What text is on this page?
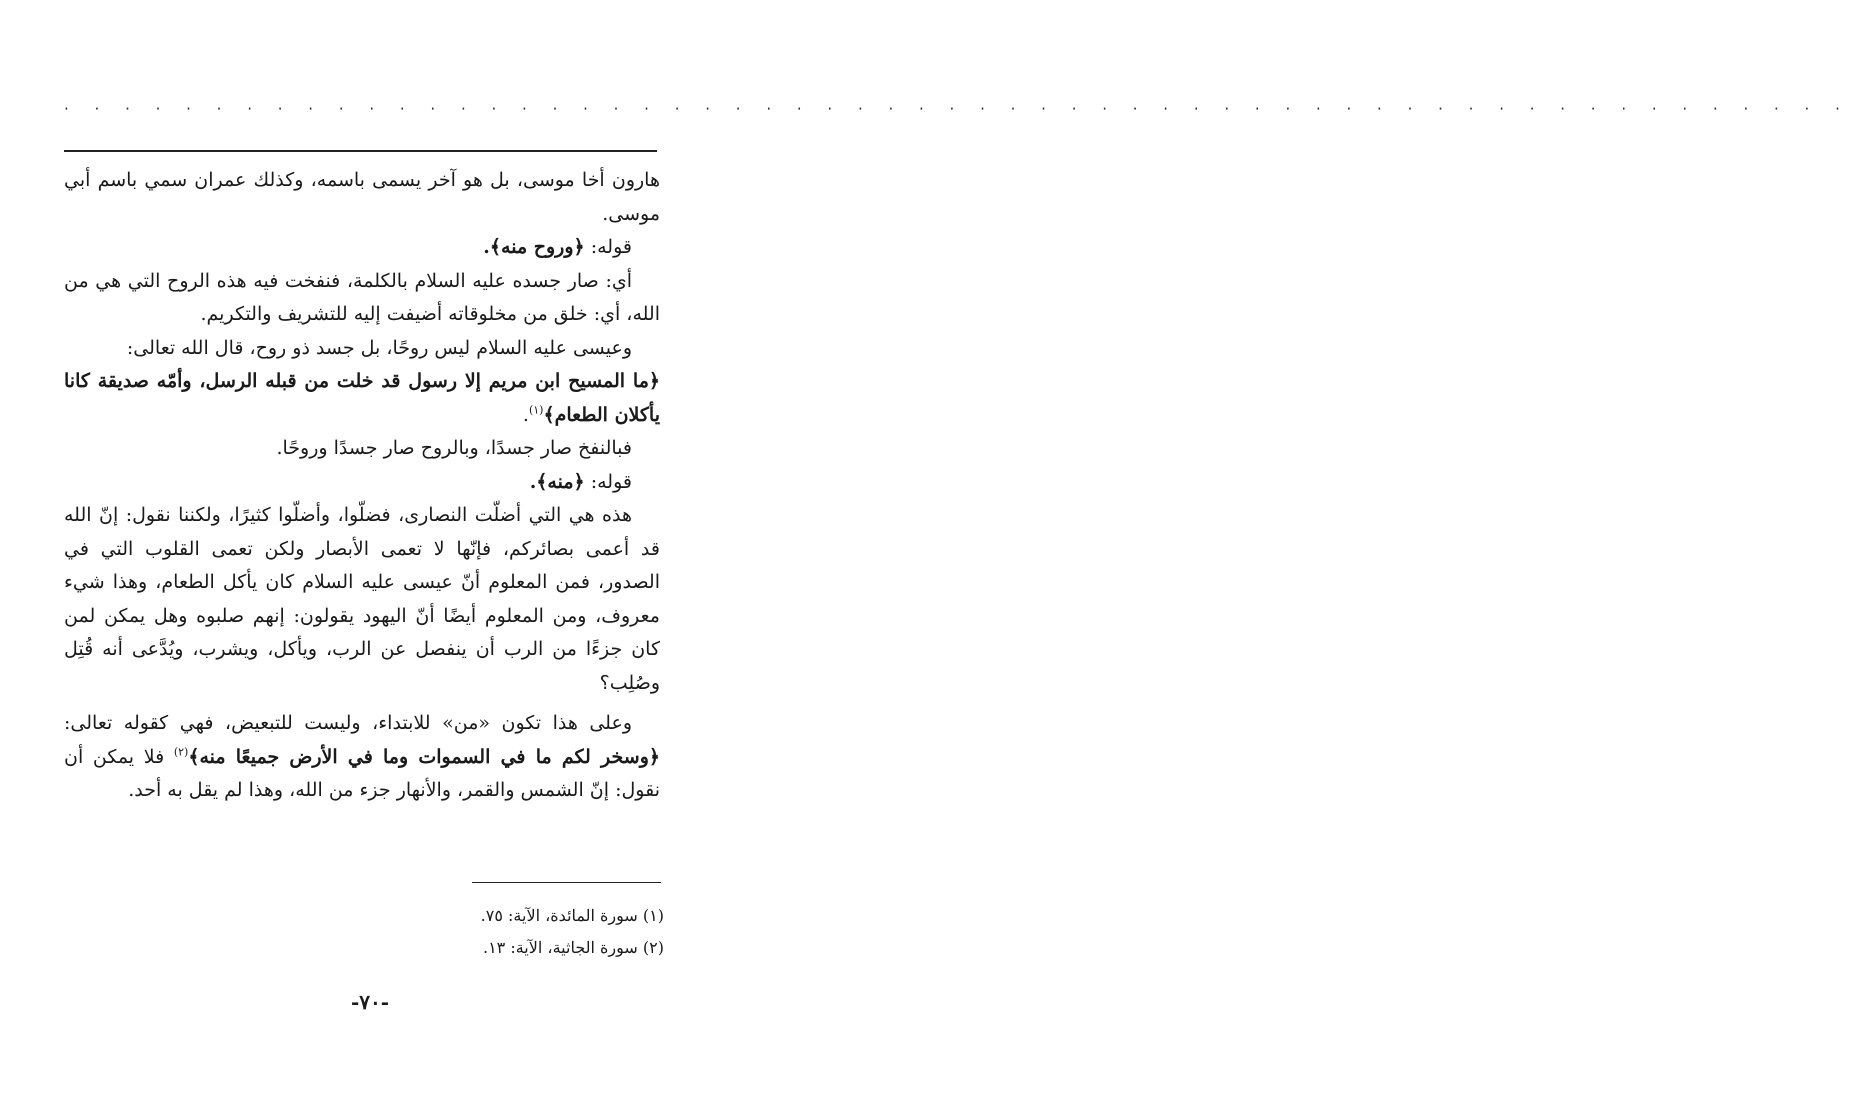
· · · · · · · · · · · · · · · · · · · · · · · · · · · · · · · · · · · · · · · · · · · · · · · · · · · · · · · · · · ·

هارون أخا موسى، بل هو آخر يسمى باسمه، وكذلك عمران سمي باسم أبي موسى.

قوله: ﴿وروح منه﴾.

أي: صار جسده عليه السلام بالكلمة، فنفخت فيه هذه الروح التي هي من الله، أي: خلق من مخلوقاته أضيفت إليه للتشريف والتكريم.

وعيسى عليه السلام ليس روحًا، بل جسد ذو روح، قال الله تعالى:

﴿ما المسيح ابن مريم إلا رسول قد خلت من قبله الرسل، وأمّه صديقة كانا يأكلان الطعام﴾$^{(١)}$.

فبالنفخ صار جسدًا، وبالروح صار جسدًا وروحًا.

قوله: ﴿منه﴾.

هذه هي التي أضلّت النصارى، فضلّوا، وأضلّوا كثيرًا، ولكننا نقول: إنّ الله قد أعمى بصائركم، فإنّها لا تعمى الأبصار ولكن تعمى القلوب التي في الصدور، فمن المعلوم أنّ عيسى عليه السلام كان يأكل الطعام، وهذا شيء معروف، ومن المعلوم أيضًا أنّ اليهود يقولون: إنهم صلبوه وهل يمكن لمن كان جزءًا من الرب أن ينفصل عن الرب، ويأكل، ويشرب، ويُدَّعى أنه قُتِل وصُلِب؟

وعلى هذا تكون «من» للابتداء، وليست للتبعيض، فهي كقوله تعالى: ﴿وسخر لكم ما في السموات وما في الأرض جميعًا منه﴾$^{(٢)}$ فلا يمكن أن نقول: إنّ الشمس والقمر، والأنهار جزء من الله، وهذا لم يقل به أحد.

(١) سورة المائدة، الآية: ٧٥.

(٢) سورة الجاثية، الآية: ١٣.

-٧٠-
